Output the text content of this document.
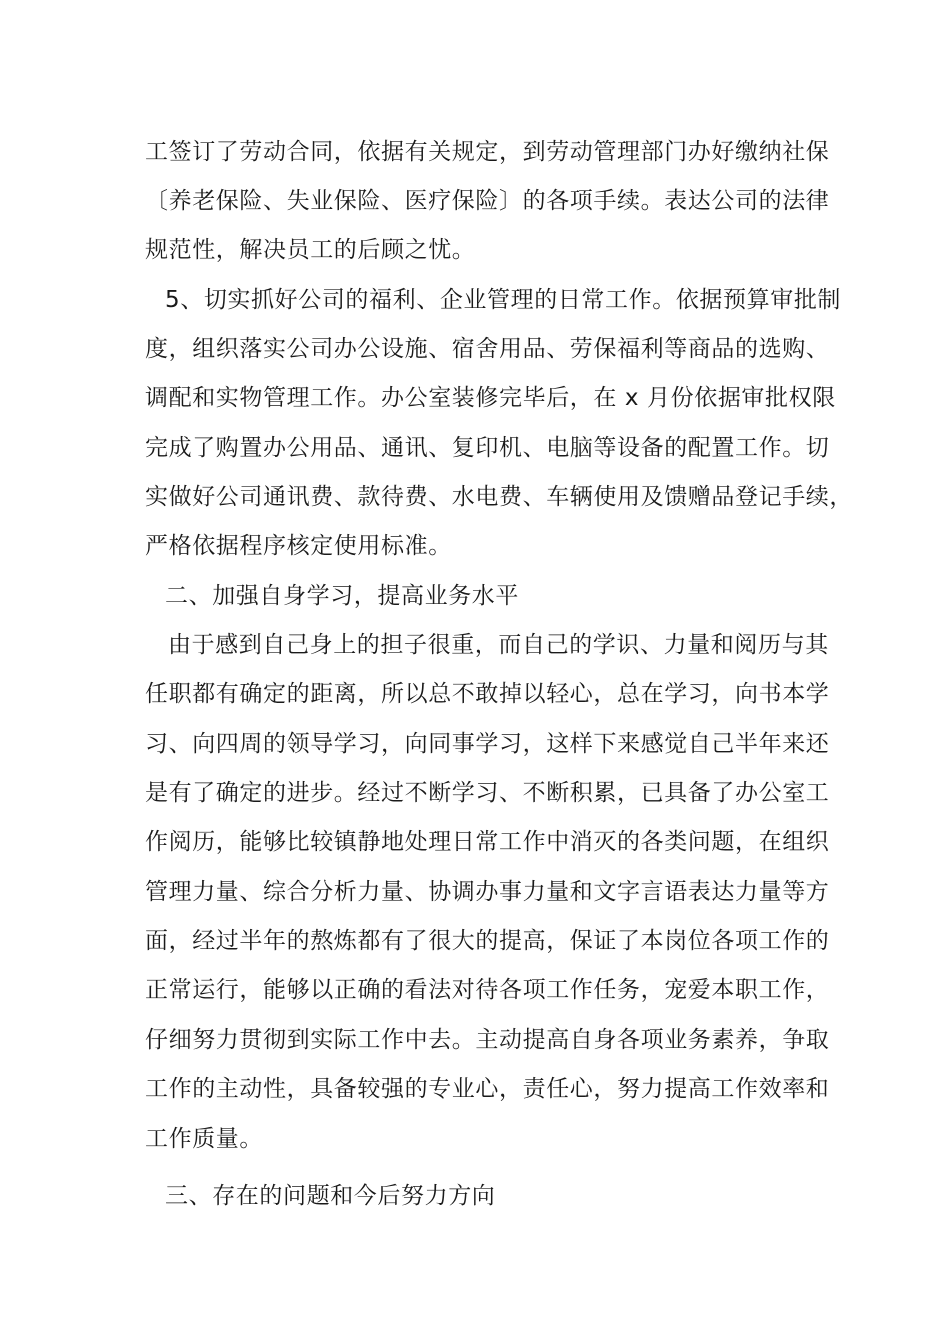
工签订了劳动合同，依据有关规定，到劳动管理部门办好缴纳社保
〔养老保险、失业保险、医疗保险〕的各项手续。表达公司的法律
规范性，解决员工的后顾之忧。
5、切实抓好公司的福利、企业管理的日常工作。依据预算审批制
度，组织落实公司办公设施、宿舍用品、劳保福利等商品的选购、
调配和实物管理工作。办公室装修完毕后，在 x 月份依据审批权限
完成了购置办公用品、通讯、复印机、电脑等设备的配置工作。切
实做好公司通讯费、款待费、水电费、车辆使用及馈赠品登记手续，
严格依据程序核定使用标准。
二、加强自身学习，提高业务水平
由于感到自己身上的担子很重，而自己的学识、力量和阅历与其
任职都有确定的距离，所以总不敢掉以轻心，总在学习，向书本学
习、向四周的领导学习，向同事学习，这样下来感觉自己半年来还
是有了确定的进步。经过不断学习、不断积累，已具备了办公室工
作阅历，能够比较镇静地处理日常工作中消灭的各类问题，在组织
管理力量、综合分析力量、协调办事力量和文字言语表达力量等方
面，经过半年的熬炼都有了很大的提高，保证了本岗位各项工作的
正常运行，能够以正确的看法对待各项工作任务，宠爱本职工作，
仔细努力贯彻到实际工作中去。主动提高自身各项业务素养，争取
工作的主动性，具备较强的专业心，责任心，努力提高工作效率和
工作质量。
三、存在的问题和今后努力方向
